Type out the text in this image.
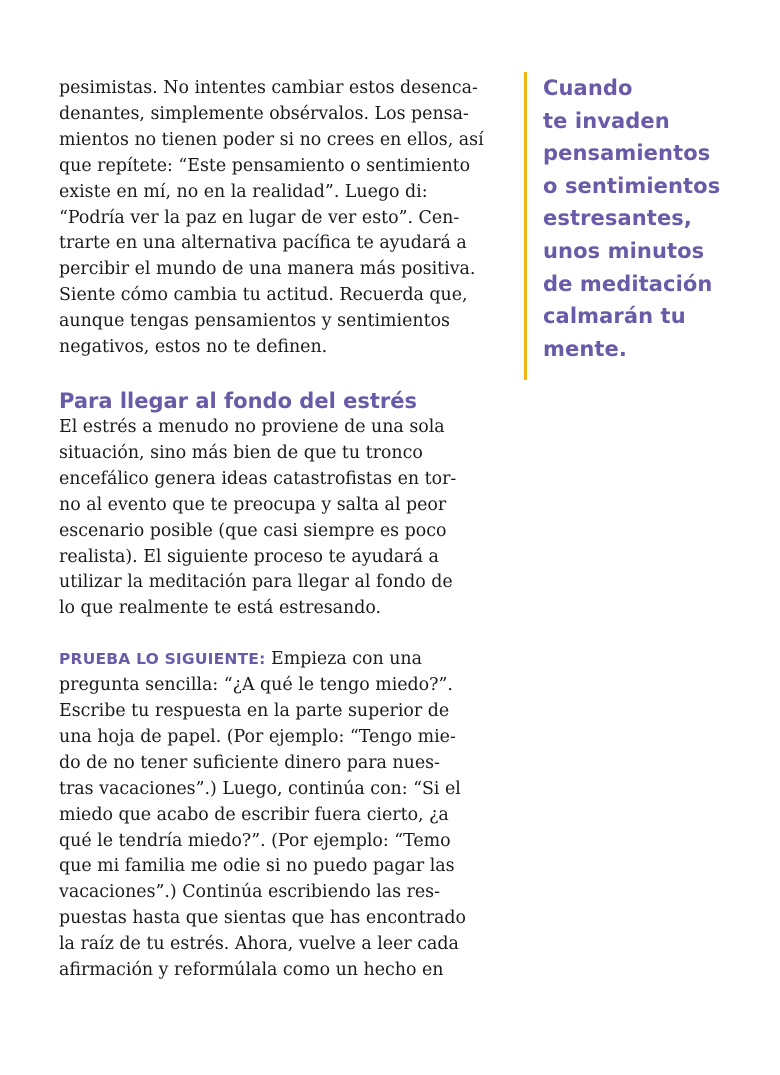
pesimistas. No intentes cambiar estos desenca-
denantes, simplemente obsérvalos. Los pensa-
mientos no tienen poder si no crees en ellos, así
que repítete: “Este pensamiento o sentimiento
existe en mí, no en la realidad”. Luego di:
“Podría ver la paz en lugar de ver esto”. Cen-
trarte en una alternativa pacífica te ayudará a
percibir el mundo de una manera más positiva.
Siente cómo cambia tu actitud. Recuerda que,
aunque tengas pensamientos y sentimientos
negativos, estos no te definen.

Para llegar al fondo del estrés

El estrés a menudo no proviene de una sola
situación, sino más bien de que tu tronco
encefálico genera ideas catastrofistas en tor-
no al evento que te preocupa y salta al peor
escenario posible (que casi siempre es poco
realista). El siguiente proceso te ayudará a
utilizar la meditación para llegar al fondo de
lo que realmente te está estresando.

PRUEBA LO SIGUIENTE: Empieza con una
pregunta sencilla: “¿A qué le tengo miedo?”.
Escribe tu respuesta en la parte superior de
una hoja de papel. (Por ejemplo: “Tengo mie-
do de no tener suficiente dinero para nues-
tras vacaciones”.) Luego, continúa con: “Si el
miedo que acabo de escribir fuera cierto, ¿a
qué le tendría miedo?”. (Por ejemplo: “Temo
que mi familia me odie si no puedo pagar las
vacaciones”.) Continúa escribiendo las res-
puestas hasta que sientas que has encontrado
la raíz de tu estrés. Ahora, vuelve a leer cada
afirmación y reformúlala como un hecho en

Cuando
te invaden
pensamientos
o sentimientos
estresantes,
unos minutos
de meditación
calmarán tu
mente.
